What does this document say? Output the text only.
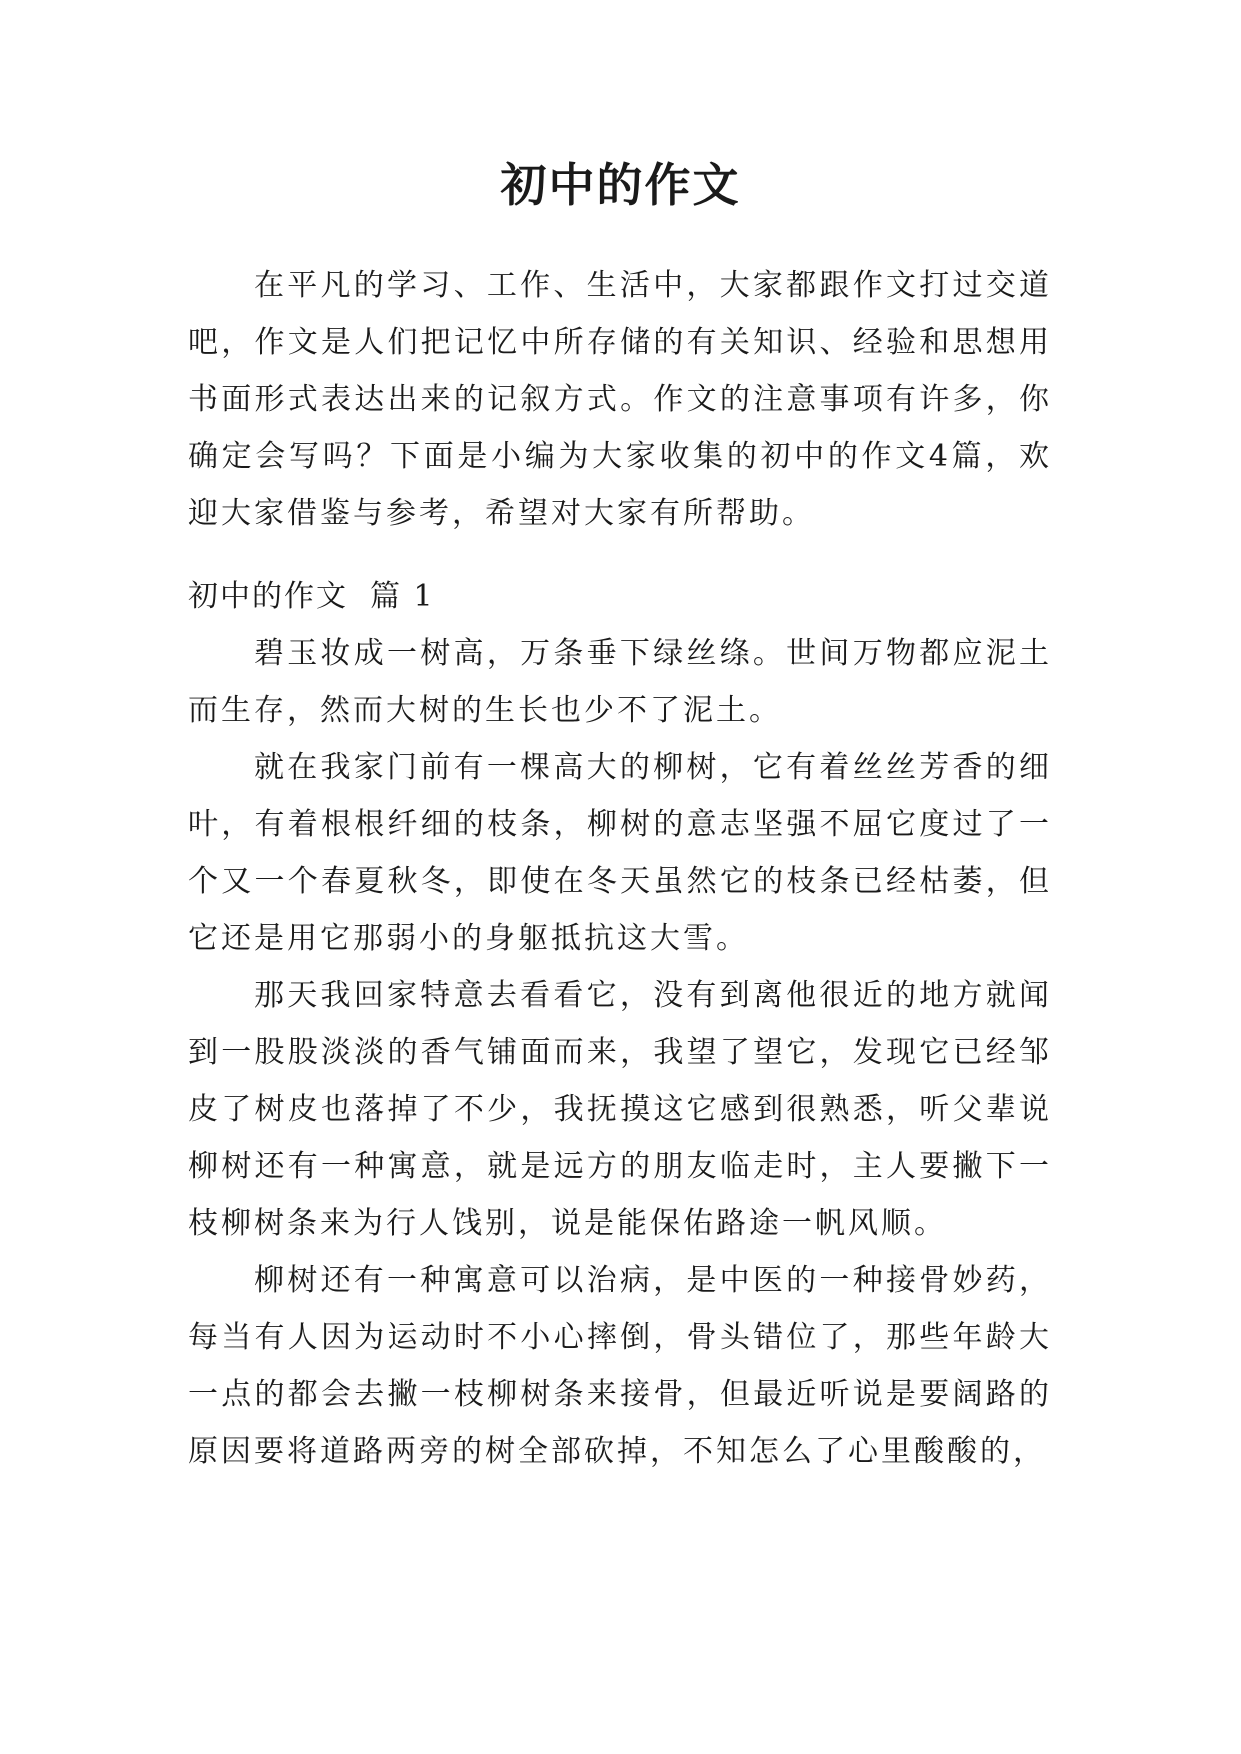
初中的作文

在平凡的学习、工作、生活中，大家都跟作文打过交道吧，作文是人们把记忆中所存储的有关知识、经验和思想用书面形式表达出来的记叙方式。作文的注意事项有许多，你确定会写吗？下面是小编为大家收集的初中的作文4篇，欢迎大家借鉴与参考，希望对大家有所帮助。

初中的作文 篇 1

碧玉妆成一树高，万条垂下绿丝绦。世间万物都应泥土而生存，然而大树的生长也少不了泥土。

就在我家门前有一棵高大的柳树，它有着丝丝芳香的细叶，有着根根纤细的枝条，柳树的意志坚强不屈它度过了一个又一个春夏秋冬，即使在冬天虽然它的枝条已经枯萎，但它还是用它那弱小的身躯抵抗这大雪。

那天我回家特意去看看它，没有到离他很近的地方就闻到一股股淡淡的香气铺面而来，我望了望它，发现它已经邹皮了树皮也落掉了不少，我抚摸这它感到很熟悉，听父辈说柳树还有一种寓意，就是远方的朋友临走时，主人要撇下一枝柳树条来为行人饯别，说是能保佑路途一帆风顺。

柳树还有一种寓意可以治病，是中医的一种接骨妙药，每当有人因为运动时不小心摔倒，骨头错位了，那些年龄大一点的都会去撇一枝柳树条来接骨，但最近听说是要阔路的原因要将道路两旁的树全部砍掉，不知怎么了心里酸酸的，
